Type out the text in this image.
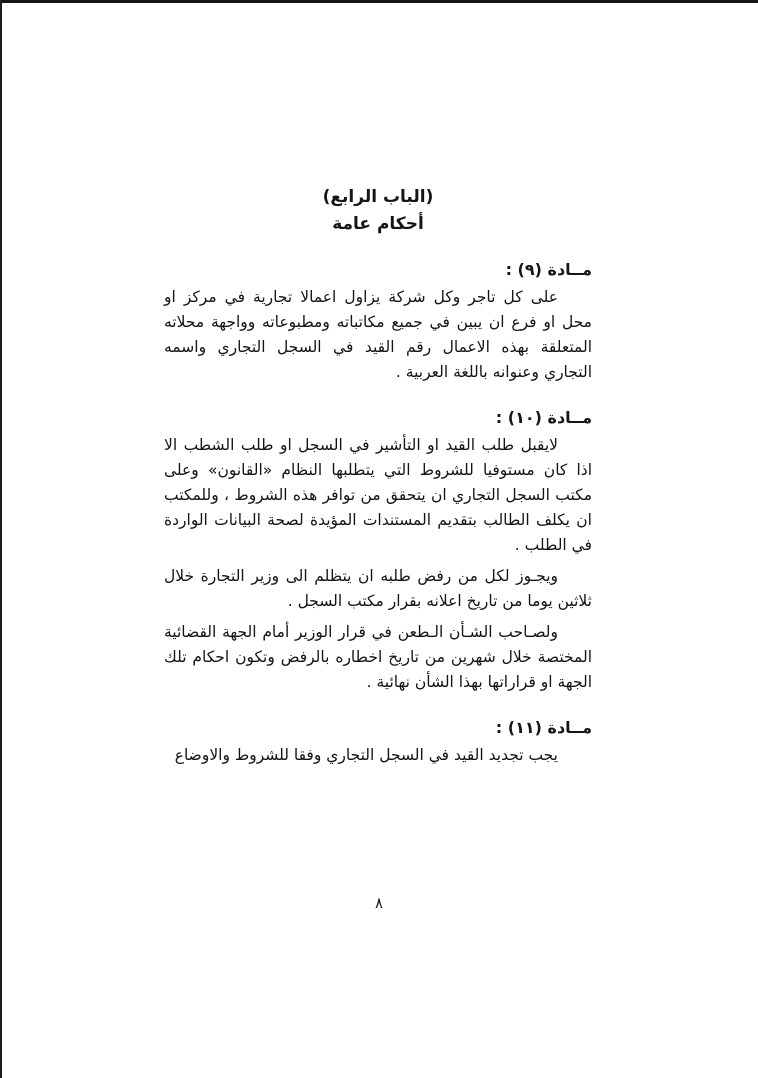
(الباب الرابع)
أحكام عامة
مــادة (٩) :

على كل تاجر وكل شركة يزاول اعمالا تجارية في مركز او محل او فرع ان يبين في جميع مكاتباته ومطبوعاته وواجهة محلاته المتعلقة بهذه الاعمال رقم القيد في السجل التجاري واسمه التجاري وعنوانه باللغة العربية .

مــادة (١٠) :

لايقبل طلب القيد او التأشير في السجل او طلب الشطب الا اذا كان مستوفيا للشروط التي يتطلبها النظام «القانون» وعلى مكتب السجل التجاري ان يتحقق من توافر هذه الشروط ، وللمكتب ان يكلف الطالب بتقديم المستندات المؤيدة لصحة البيانات الواردة في الطلب .

ويجـوز لكل من رفض طلبه ان يتظلم الى وزير التجارة خلال ثلاثين يوما من تاريخ اعلانه بقرار مكتب السجل .

ولصـاحب الشـأن الـطعن في قرار الوزير أمام الجهة القضائية المختصة خلال شهرين من تاريخ اخطاره بالرفض وتكون احكام تلك الجهة او قراراتها بهذا الشأن نهائية .

مــادة (١١) :

يجب تجديد القيد في السجل التجاري وفقا للشروط والاوضاع

٨
